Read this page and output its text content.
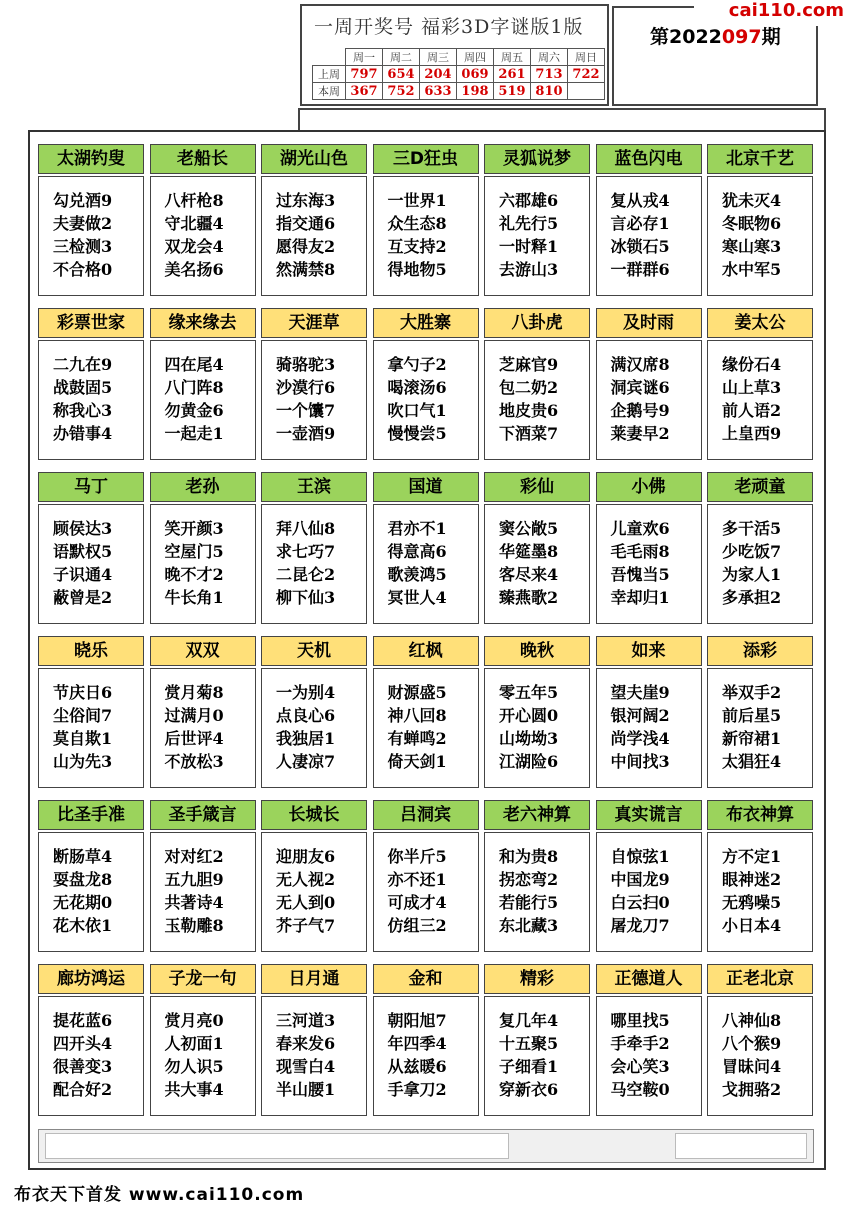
一周开奖号 福彩3D字谜版1版
	周一	周二	周三	周四	周五	周六	周日
上周	797	654	204	069	261	713	722
本周	367	752	633	198	519	810	
第2022097期
cai110.com
太湖钓叟
勾兑酒9
夫妻做2
三检测3
不合格0
老船长
八杆枪8
守北疆4
双龙会4
美名扬6
湖光山色
过东海3
指交通6
愿得友2
然满禁8
三D狂虫
一世界1
众生态8
互支持2
得地物5
灵狐说梦
六郡雄6
礼先行5
一时释1
去游山3
蓝色闪电
复从戎4
言必存1
冰锁石5
一群群6
北京千艺
犹未灭4
冬眠物6
寒山寒3
水中军5
彩票世家
二九在9
战鼓固5
称我心3
办错事4
缘来缘去
四在尾4
八门阵8
勿黄金6
一起走1
天涯草
骑骆驼3
沙漠行6
一个馕7
一壶酒9
大胜寨
拿勺子2
喝滚汤6
吹口气1
慢慢尝5
八卦虎
芝麻官9
包二奶2
地皮贵6
下酒菜7
及时雨
满汉席8
洞宾谜6
企鹅号9
莱妻早2
姜太公
缘份石4
山上草3
前人语2
上皇西9
马丁
顾侯达3
语默权5
子识通4
蔽曾是2
老孙
笑开颜3
空屋门5
晚不才2
牛长角1
王滨
拜八仙8
求七巧7
二昆仑2
柳下仙3
国道
君亦不1
得意高6
歌羡鸿5
冥世人4
彩仙
窦公敞5
华筵墨8
客尽来4
臻燕歌2
小佛
儿童欢6
毛毛雨8
吾愧当5
幸却归1
老顽童
多干活5
少吃饭7
为家人1
多承担2
晓乐
节庆日6
尘俗间7
莫自欺1
山为先3
双双
赏月菊8
过满月0
后世评4
不放松3
天机
一为别4
点良心6
我独居1
人凄凉7
红枫
财源盛5
神八回8
有蝉鸣2
倚天剑1
晚秋
零五年5
开心圆0
山坳坳3
江湖险6
如来
望夫崖9
银河阔2
尚学浅4
中间找3
添彩
举双手2
前后星5
新帘裙1
太猖狂4
比圣手准
断肠草4
耍盘龙8
无花期0
花木依1
圣手箴言
对对红2
五九胆9
共著诗4
玉勒雕8
长城长
迎朋友6
无人视2
无人到0
芥子气7
吕洞宾
你半斤5
亦不还1
可成才4
仿组三2
老六神算
和为贵8
拐恋弯2
若能行5
东北藏3
真实谎言
自惊弦1
中国龙9
白云扫0
屠龙刀7
布衣神算
方不定1
眼神迷2
无鸦噪5
小日本4
廊坊鸿运
提花蓝6
四开头4
很善变3
配合好2
子龙一句
赏月亮0
人初面1
勿人识5
共大事4
日月通
三河道3
春来发6
现雪白4
半山腰1
金和
朝阳旭7
年四季4
从兹暖6
手拿刀2
精彩
复几年4
十五聚5
子细看1
穿新衣6
正德道人
哪里找5
手牵手2
会心笑3
马空鞍0
正老北京
八神仙8
八个猴9
冒昧问4
戈拥骆2
布衣天下首发 www.cai110.com
